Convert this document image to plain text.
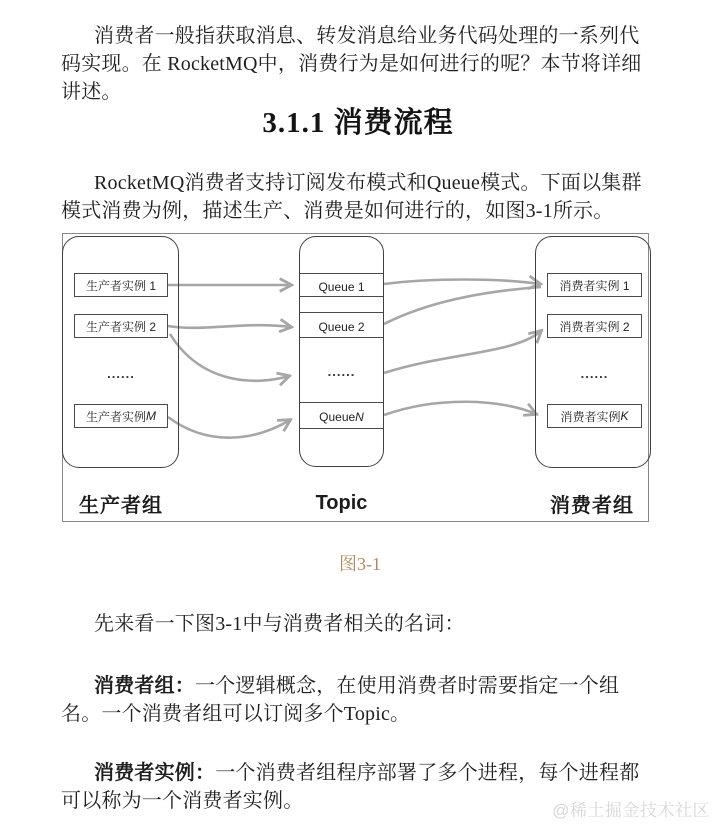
消费者一般指获取消息、转发消息给业务代码处理的一系列代码实现。在 RocketMQ中，消费行为是如何进行的呢？本节将详细讲述。

3.1.1 消费流程

RocketMQ消费者支持订阅发布模式和Queue模式。下面以集群模式消费为例，描述生产、消费是如何进行的，如图3-1所示。

生产者实例 1
生产者实例 2
......
生产者实例 M
Queue 1
Queue 2
......
Queue N
消费者实例 1
消费者实例 2
......
消费者实例 K
生产者组	Topic	消费者组
图3-1

先来看一下图3-1中与消费者相关的名词：

消费者组：一个逻辑概念，在使用消费者时需要指定一个组名。一个消费者组可以订阅多个Topic。

消费者实例：一个消费者组程序部署了多个进程，每个进程都可以称为一个消费者实例。	@稀土掘金技术社区
